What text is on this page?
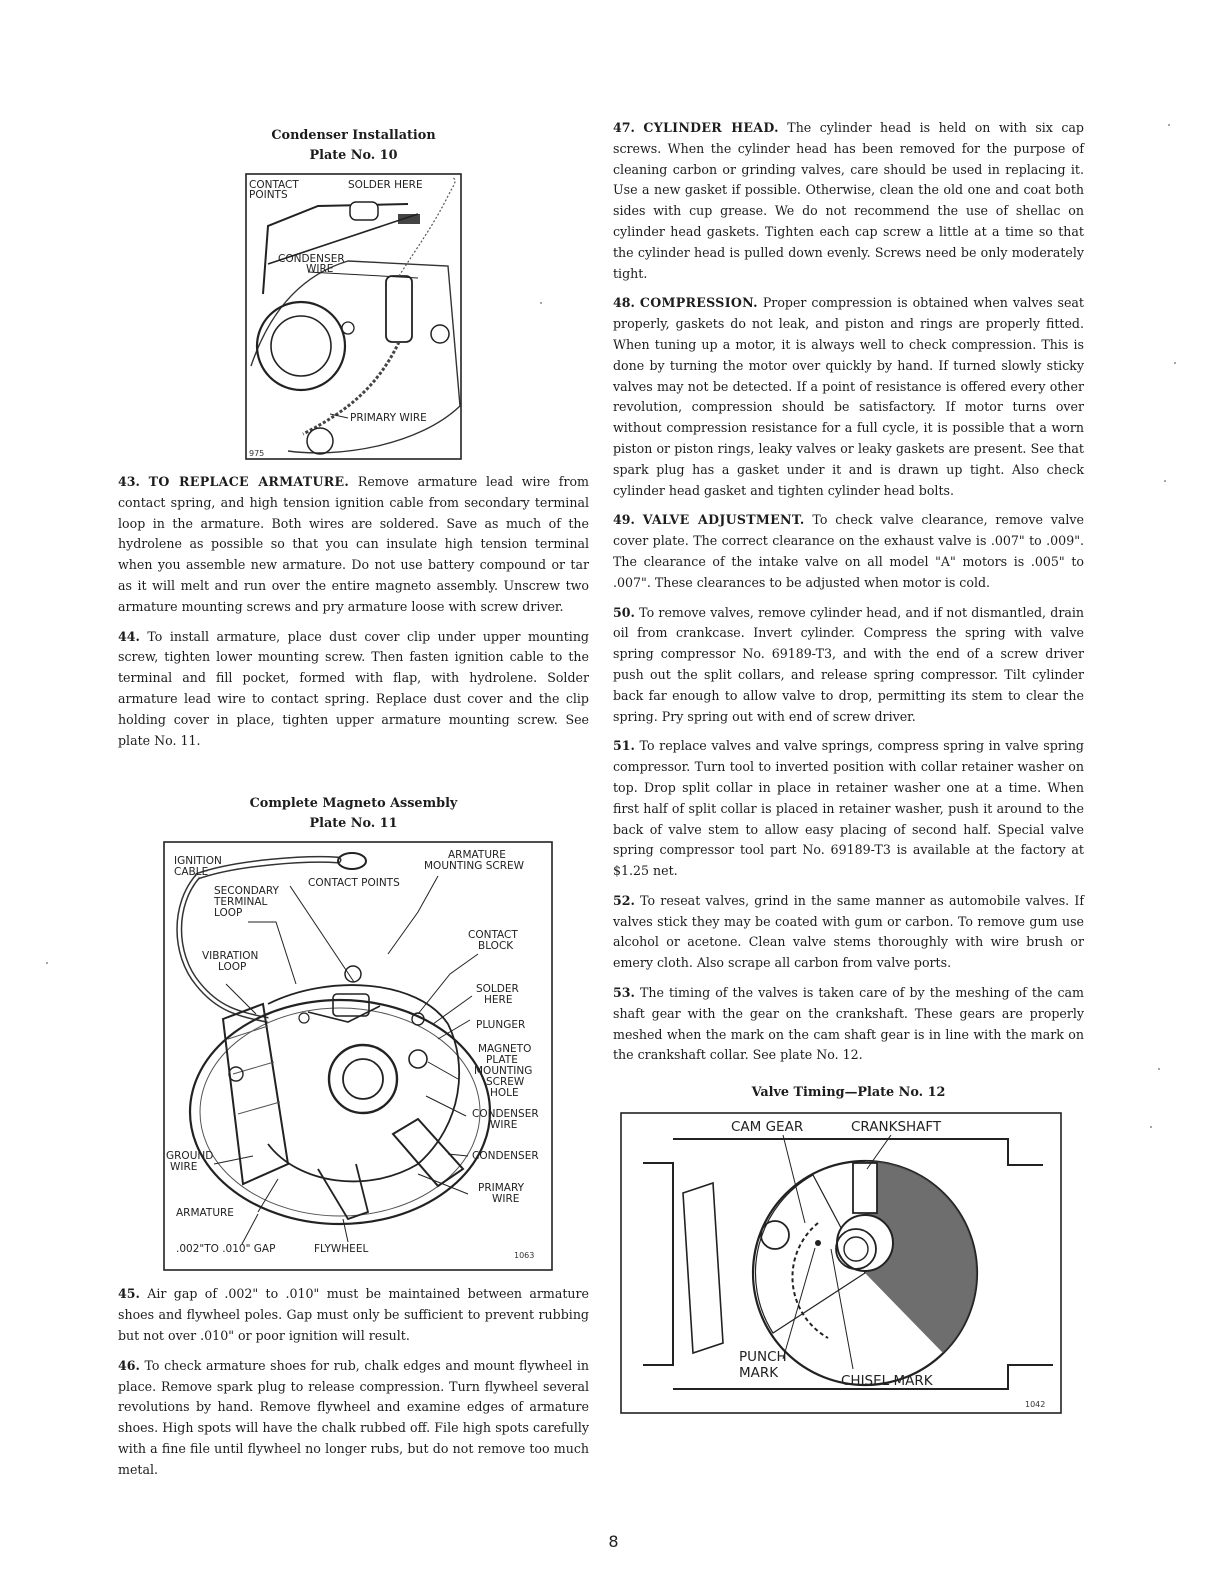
Condenser Installation

Plate No. 10

CONTACT
POINTS
SOLDER HERE
CONDENSER
WIRE
PRIMARY WIRE
975

43. TO REPLACE ARMATURE. Remove armature lead wire from contact spring, and high tension ignition cable from secondary terminal loop in the armature. Both wires are soldered. Save as much of the hydrolene as possible so that you can insulate high tension terminal when you assemble new armature. Do not use battery compound or tar as it will melt and run over the entire magneto assembly. Unscrew two armature mounting screws and pry armature loose with screw driver.

44. To install armature, place dust cover clip under upper mounting screw, tighten lower mounting screw. Then fasten ignition cable to the terminal and fill pocket, formed with flap, with hydrolene. Solder armature lead wire to contact spring. Replace dust cover and the clip holding cover in place, tighten upper armature mounting screw. See plate No. 11.

Complete Magneto Assembly

Plate No. 11

IGNITION
CABLE
ARMATURE
MOUNTING SCREW
CONTACT POINTS
SECONDARY
TERMINAL
LOOP
CONTACT
BLOCK
VIBRATION
LOOP
SOLDER
HERE
PLUNGER
MAGNETO
PLATE
MOUNTING
SCREW
HOLE
CONDENSER
WIRE
CONDENSER
GROUND
WIRE
PRIMARY
WIRE
ARMATURE
.002"TO .010" GAP	FLYWHEEL
1063

45. Air gap of .002" to .010" must be maintained between armature shoes and flywheel poles. Gap must only be sufficient to prevent rubbing but not over .010" or poor ignition will result.

46. To check armature shoes for rub, chalk edges and mount flywheel in place. Remove spark plug to release compression. Turn flywheel several revolutions by hand. Remove flywheel and examine edges of armature shoes. High spots will have the chalk rubbed off. File high spots carefully with a fine file until flywheel no longer rubs, but do not remove too much metal.

47. CYLINDER HEAD. The cylinder head is held on with six cap screws. When the cylinder head has been removed for the purpose of cleaning carbon or grinding valves, care should be used in replacing it. Use a new gasket if possible. Otherwise, clean the old one and coat both sides with cup grease. We do not recommend the use of shellac on cylinder head gaskets. Tighten each cap screw a little at a time so that the cylinder head is pulled down evenly. Screws need be only moderately tight.

48. COMPRESSION. Proper compression is obtained when valves seat properly, gaskets do not leak, and piston and rings are properly fitted. When tuning up a motor, it is always well to check compression. This is done by turning the motor over quickly by hand. If turned slowly sticky valves may not be detected. If a point of resistance is offered every other revolution, compression should be satisfactory. If motor turns over without compression resistance for a full cycle, it is possible that a worn piston or piston rings, leaky valves or leaky gaskets are present. See that spark plug has a gasket under it and is drawn up tight. Also check cylinder head gasket and tighten cylinder head bolts.

49. VALVE ADJUSTMENT. To check valve clearance, remove valve cover plate. The correct clearance on the exhaust valve is .007" to .009". The clearance of the intake valve on all model "A" motors is .005" to .007". These clearances to be adjusted when motor is cold.

50. To remove valves, remove cylinder head, and if not dismantled, drain oil from crankcase. Invert cylinder. Compress the spring with valve spring compressor No. 69189-T3, and with the end of a screw driver push out the split collars, and release spring compressor. Tilt cylinder back far enough to allow valve to drop, permitting its stem to clear the spring. Pry spring out with end of screw driver.

51. To replace valves and valve springs, compress spring in valve spring compressor. Turn tool to inverted position with collar retainer washer on top. Drop split collar in place in retainer washer one at a time. When first half of split collar is placed in retainer washer, push it around to the back of valve stem to allow easy placing of second half. Special valve spring compressor tool part No. 69189-T3 is available at the factory at $1.25 net.

52. To reseat valves, grind in the same manner as automobile valves. If valves stick they may be coated with gum or carbon. To remove gum use alcohol or acetone. Clean valve stems thoroughly with wire brush or emery cloth. Also scrape all carbon from valve ports.

53. The timing of the valves is taken care of by the meshing of the cam shaft gear with the gear on the crankshaft. These gears are properly meshed when the mark on the cam shaft gear is in line with the mark on the crankshaft collar. See plate No. 12.

Valve Timing—Plate No. 12

CAM GEAR	CRANKSHAFT
PUNCH
MARK	CHISEL MARK
1042
8
